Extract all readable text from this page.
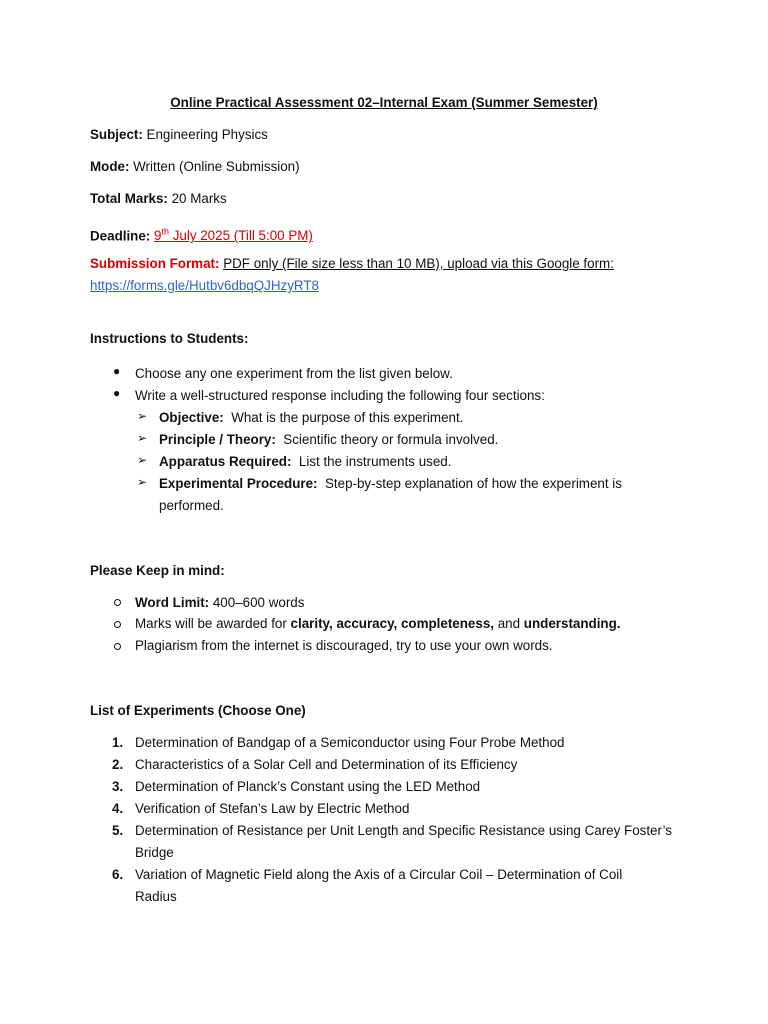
Online Practical Assessment 02–Internal Exam (Summer Semester)
Subject: Engineering Physics
Mode: Written (Online Submission)
Total Marks: 20 Marks
Deadline: 9th July 2025 (Till 5:00 PM)
Submission Format: PDF only (File size less than 10 MB), upload via this Google form:
https://forms.gle/Hutbv6dbqQJHzyRT8
Instructions to Students:
● Choose any one experiment from the list given below.
● Write a well-structured response including the following four sections:
➢ Objective: What is the purpose of this experiment.
➢ Principle / Theory: Scientific theory or formula involved.
➢ Apparatus Required: List the instruments used.
➢ Experimental Procedure: Step-by-step explanation of how the experiment is
performed.
Please Keep in mind:
Word Limit: 400–600 words
Marks will be awarded for clarity, accuracy, completeness, and understanding.
Plagiarism from the internet is discouraged, try to use your own words.
List of Experiments (Choose One)
1. Determination of Bandgap of a Semiconductor using Four Probe Method
2. Characteristics of a Solar Cell and Determination of its Efficiency
3. Determination of Planck’s Constant using the LED Method
4. Verification of Stefan’s Law by Electric Method
5. Determination of Resistance per Unit Length and Specific Resistance using Carey Foster’s
Bridge
6. Variation of Magnetic Field along the Axis of a Circular Coil – Determination of Coil
Radius
